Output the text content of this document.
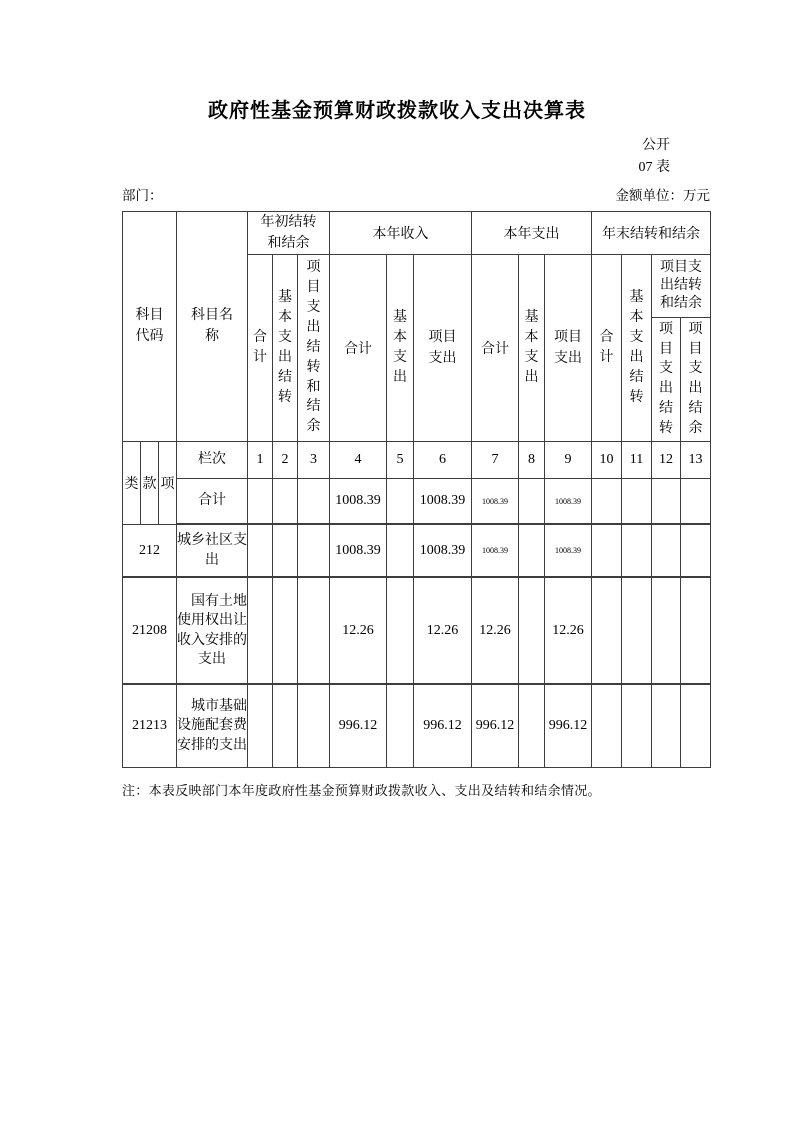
政府性基金预算财政拨款收入支出决算表
公开
07 表
部门：	金额单位：万元
科目代码			科目名称	年初结转和结余			本年收入			本年支出			年末结转和结余			

				合计	基本支出结转	项目支出结转和结余	合计	基本支出	项目支出	合计	基本支出	项目支出	合计	基本支出结转	项目支出结转和结余	

															项目支出结转	项目支出结余

类	款	项	栏次	1	2	3	4	5	6	7	8	9	10	11	12	13
			合计				1008.39		1008.39	1008.39		1008.39				
212			城乡社区支出				1008.39		1008.39	1008.39		1008.39				
21208			国有土地使用权出让收入安排的支出				12.26		12.26	12.26		12.26				
21213			城市基础设施配套费安排的支出				996.12		996.12	996.12		996.12				
注：本表反映部门本年度政府性基金预算财政拨款收入、支出及结转和结余情况。
